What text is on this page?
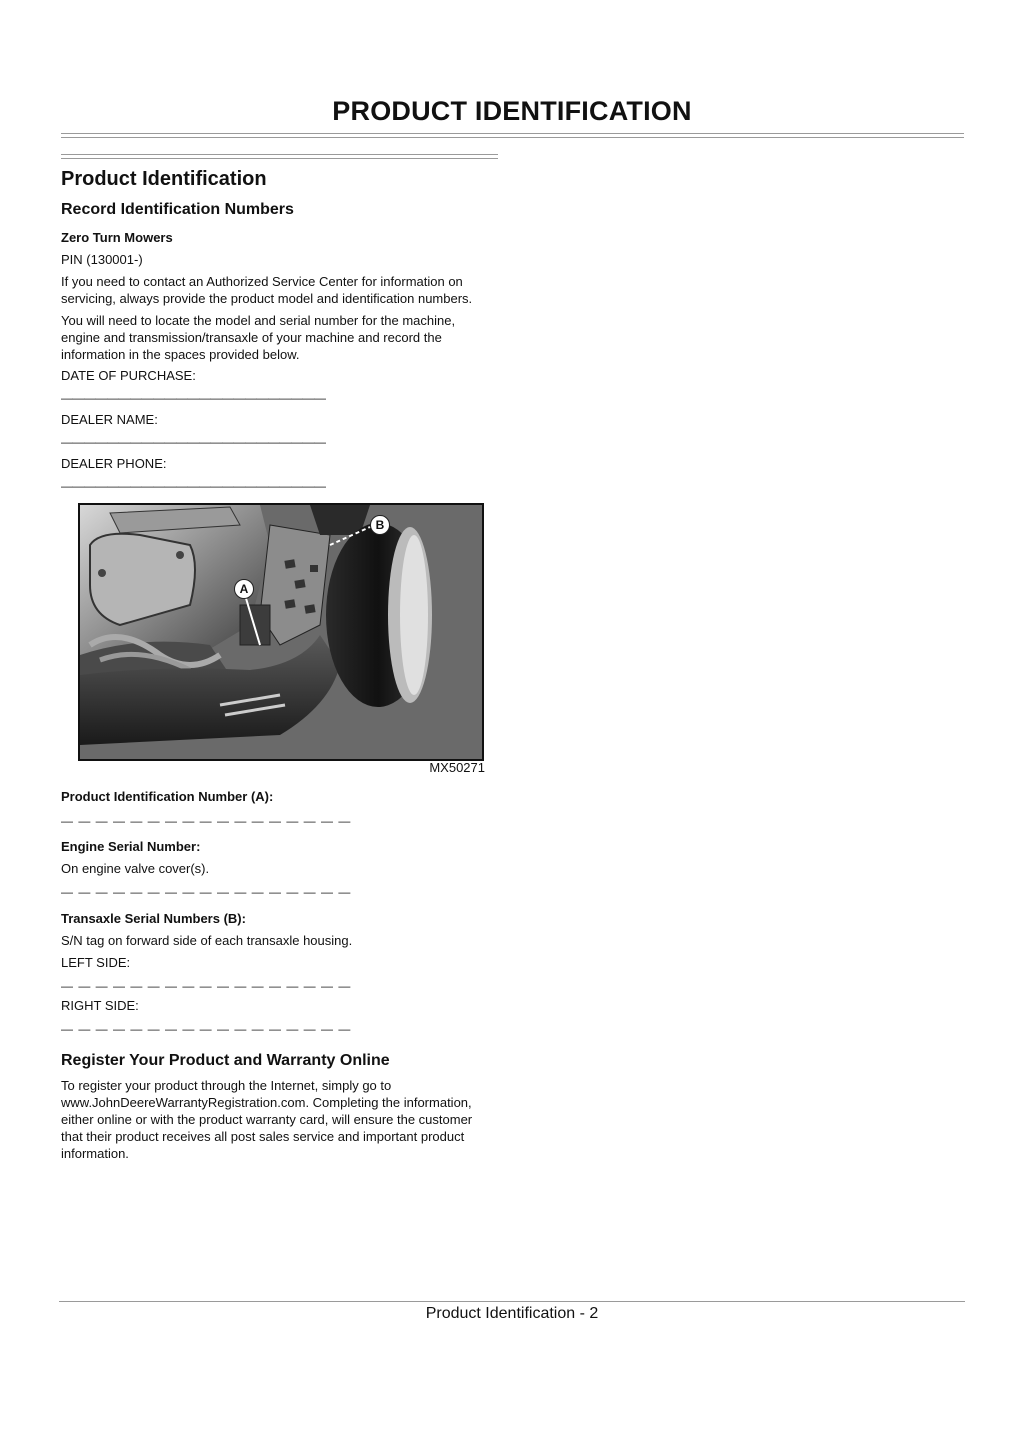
PRODUCT IDENTIFICATION
Product Identification
Record Identification Numbers

Zero Turn Mowers

PIN (130001-)

If you need to contact an Authorized Service Center for information on servicing, always provide the product model and identification numbers.

You will need to locate the model and serial number for the machine, engine and transmission/transaxle of your machine and record the information in the spaces provided below.

DATE OF PURCHASE:

———————————————————————

DEALER NAME:

———————————————————————

DEALER PHONE:

———————————————————————

A
B

MX50271

Product Identification Number (A):

— — — — — — — — — — — — — — — — —

Engine Serial Number:

On engine valve cover(s).

— — — — — — — — — — — — — — — — —

Transaxle Serial Numbers (B):

S/N tag on forward side of each transaxle housing.

LEFT SIDE:

— — — — — — — — — — — — — — — — —

RIGHT SIDE:

— — — — — — — — — — — — — — — — —

Register Your Product and Warranty Online

To register your product through the Internet, simply go to www.JohnDeereWarrantyRegistration.com. Completing the information, either online or with the product warranty card, will ensure the customer that their product receives all post sales service and important product information.

Product Identification - 2
